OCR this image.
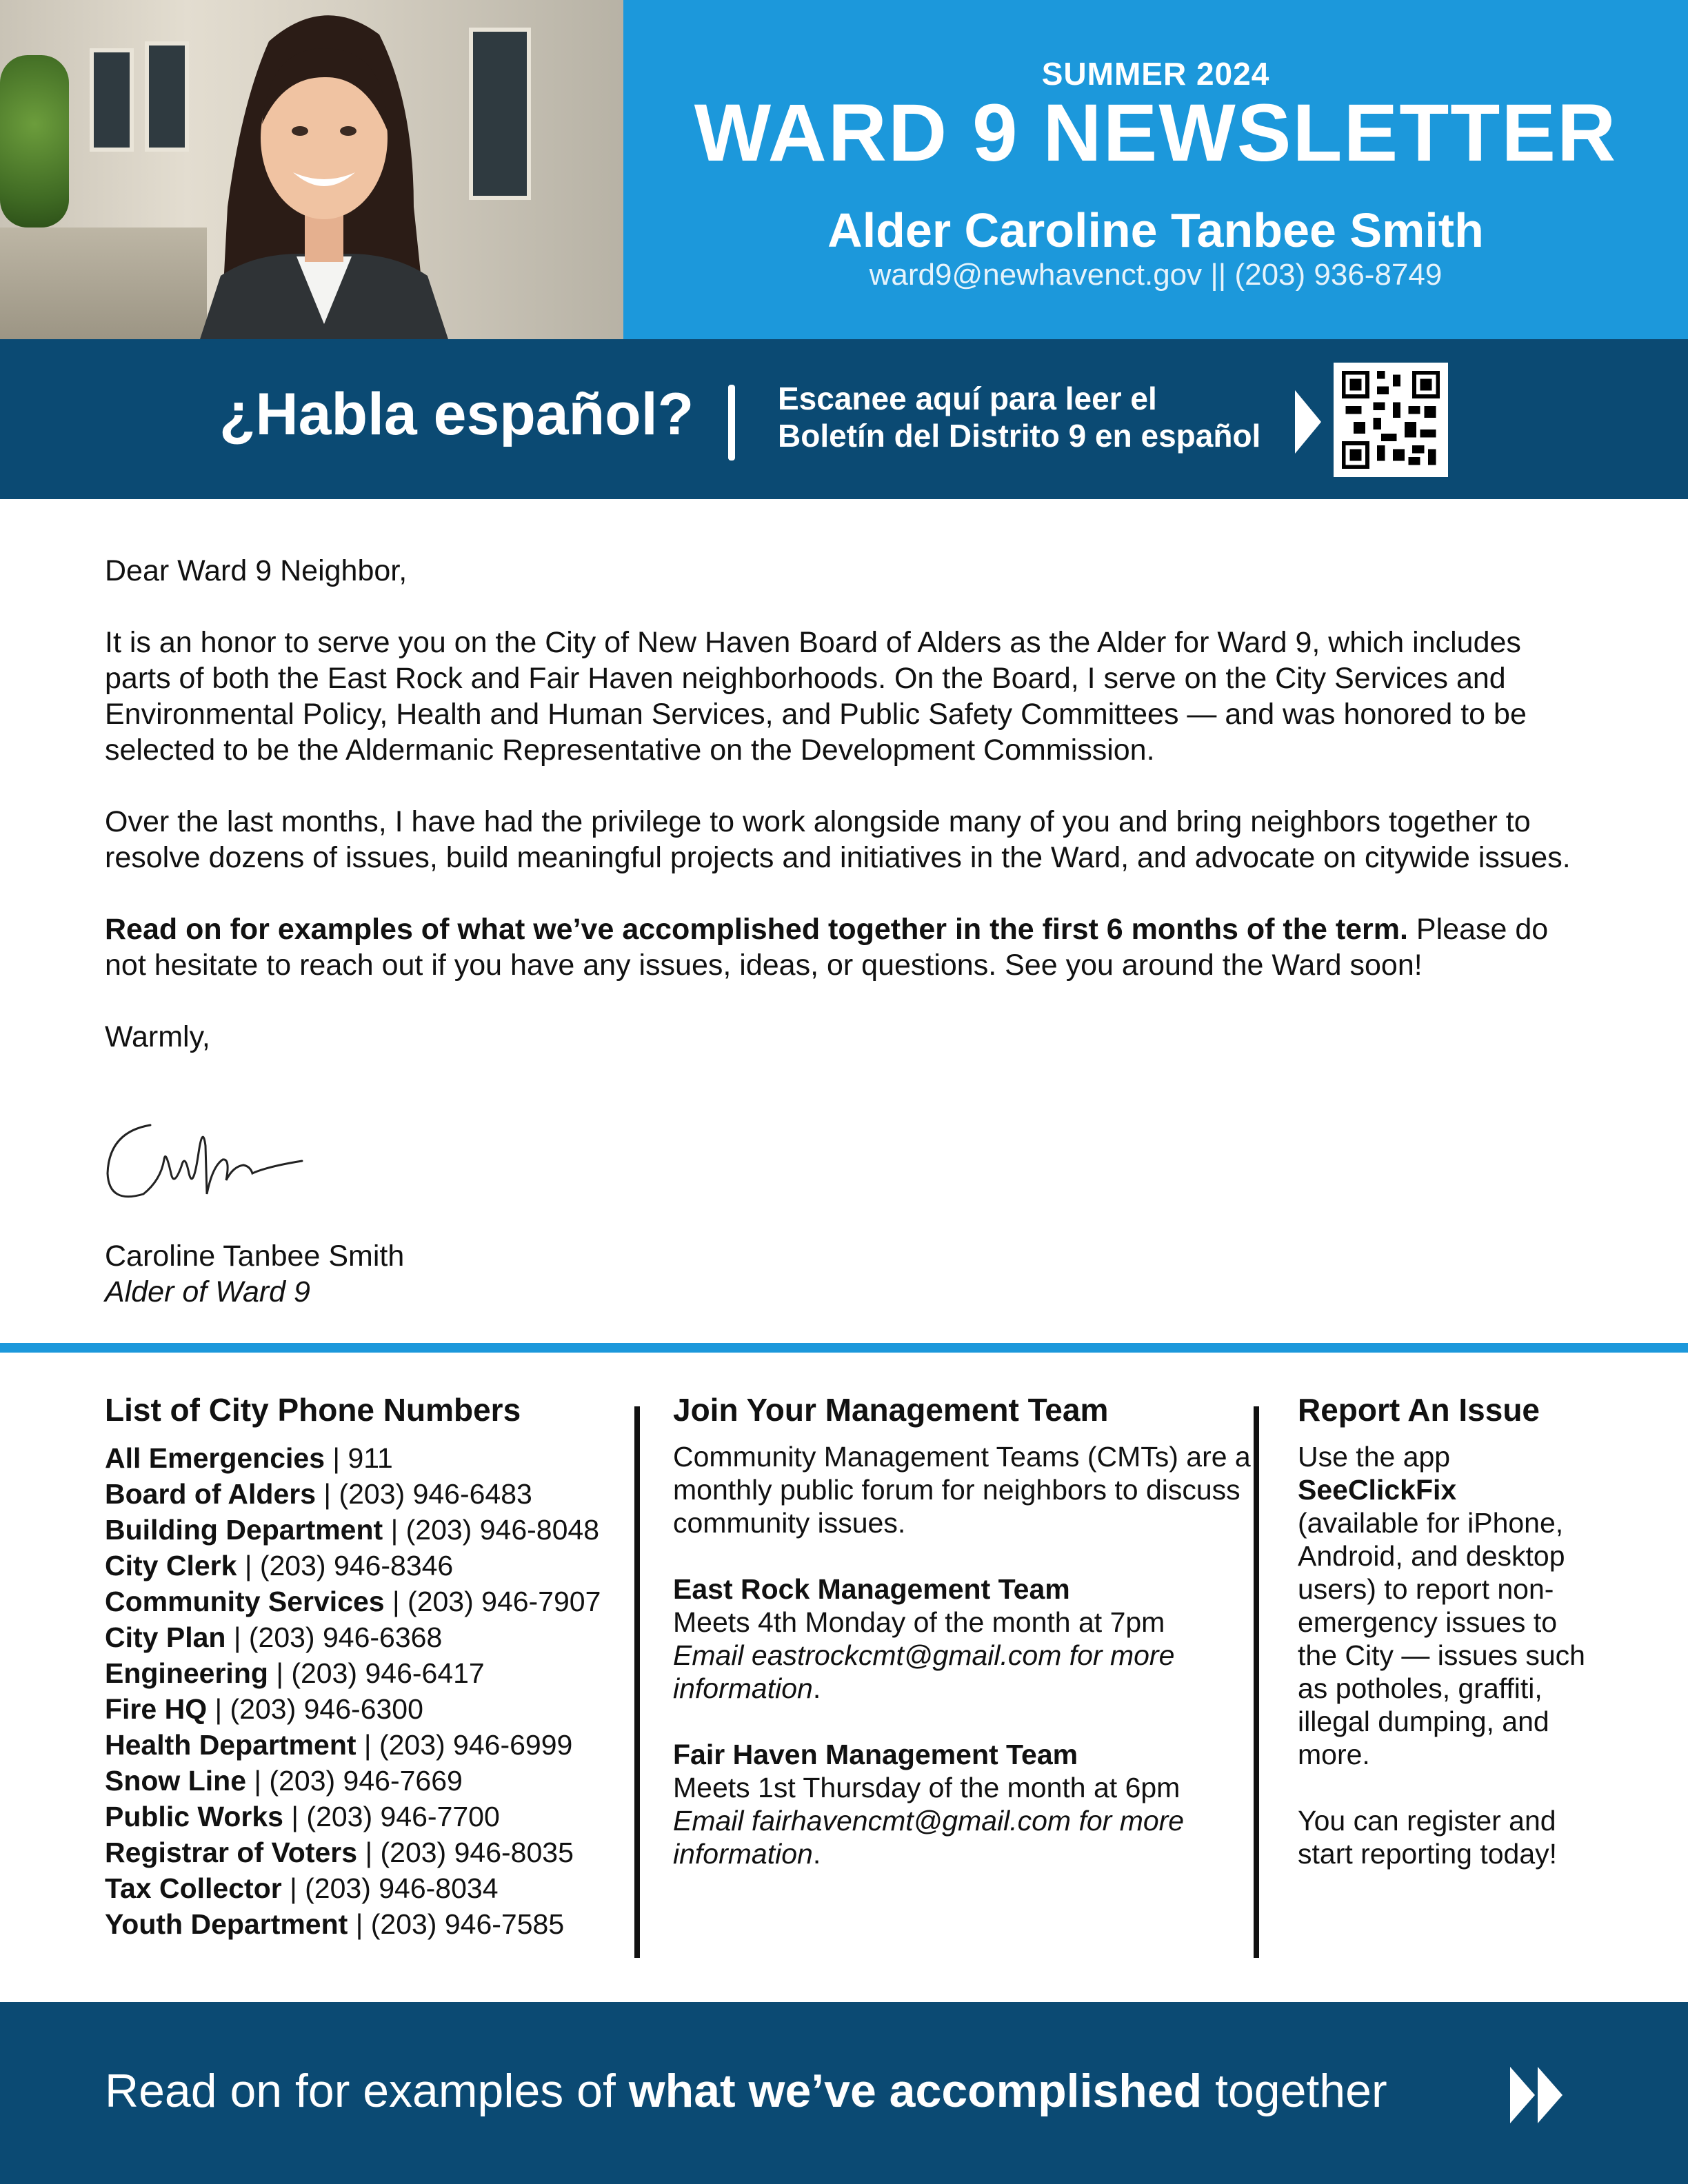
SUMMER 2024
WARD 9 NEWSLETTER
Alder Caroline Tanbee Smith
ward9@newhavenct.gov || (203) 936-8749
¿Habla español?	Escanee aquí para leer el
Boletín del Distrito 9 en español

Dear Ward 9 Neighbor,

It is an honor to serve you on the City of New Haven Board of Alders as the Alder for Ward 9, which includes parts of both the East Rock and Fair Haven neighborhoods. On the Board, I serve on the City Services and Environmental Policy, Health and Human Services, and Public Safety Committees — and was honored to be selected to be the Aldermanic Representative on the Development Commission.

Over the last months, I have had the privilege to work alongside many of you and bring neighbors together to resolve dozens of issues, build meaningful projects and initiatives in the Ward, and advocate on citywide issues.

Read on for examples of what we’ve accomplished together in the first 6 months of the term. Please do not hesitate to reach out if you have any issues, ideas, or questions. See you around the Ward soon!

Warmly,

Caroline Tanbee Smith
Alder of Ward 9
List of City Phone Numbers
All Emergencies | 911
Board of Alders | (203) 946-6483
Building Department | (203) 946-8048
City Clerk | (203) 946-8346
Community Services | (203) 946-7907
City Plan | (203) 946-6368
Engineering | (203) 946-6417
Fire HQ | (203) 946-6300
Health Department | (203) 946-6999
Snow Line | (203) 946-7669
Public Works | (203) 946-7700
Registrar of Voters | (203) 946-8035
Tax Collector | (203) 946-8034
Youth Department | (203) 946-7585
Join Your Management Team
Community Management Teams (CMTs) are a monthly public forum for neighbors to discuss community issues.
East Rock Management Team
Meets 4th Monday of the month at 7pm
Email eastrockcmt@gmail.com for more information.
Fair Haven Management Team
Meets 1st Thursday of the month at 6pm
Email fairhavencmt@gmail.com for more information.
Report An Issue
Use the app
SeeClickFix
(available for iPhone, Android, and desktop users) to report non-emergency issues to the City — issues such as potholes, graffiti, illegal dumping, and more.
You can register and start reporting today!
Read on for examples of what we’ve accomplished together
